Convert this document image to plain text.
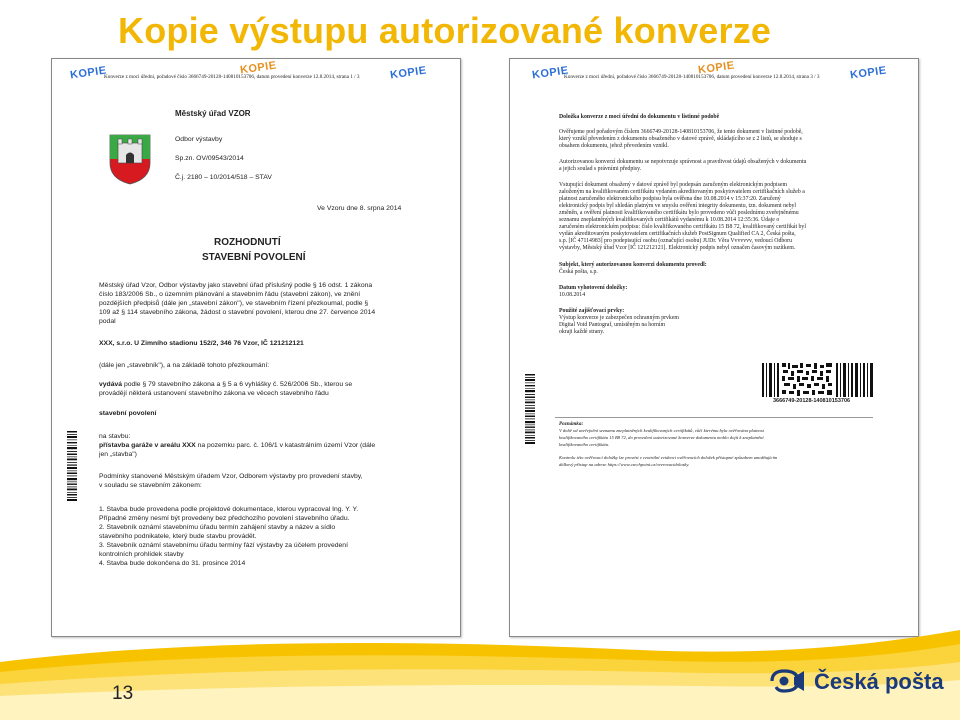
Kopie výstupu autorizované konverze
KOPIE	KOPIE	KOPIE
Konverze z moci úřední, pořadové číslo 3666749-20128-140810153706, datum provedení konverze 12.8.2014, strana 1 / 3
Městský úřad VZOR
Odbor výstavby
Sp.zn. OV/09543/2014
Č.j. 2180 – 10/2014/518 – STAV
Ve Vzoru dne 8. srpna 2014
ROZHODNUTÍ
STAVEBNÍ POVOLENÍ
Městský úřad Vzor, Odbor výstavby jako stavební úřad příslušný podle § 16 odst. 1 zákona
číslo 183/2006 Sb., o územním plánování a stavebním řádu (stavební zákon), ve znění
pozdějších předpisů (dále jen „stavební zákon"), ve stavebním řízení přezkoumal, podle §
109 až § 114 stavebního zákona, žádost o stavební povolení, kterou dne 27. července 2014
podal
XXX, s.r.o. U Zimního stadionu 152/2, 346 76 Vzor, IČ 121212121
(dále jen „stavebník"), a na základě tohoto přezkoumání:
vydává podle § 79 stavebního zákona a § 5 a 6 vyhlášky č. 526/2006 Sb., kterou se
provádějí některá ustanovení stavebního zákona ve věcech stavebního řádu
stavební povolení
na stavbu:
přístavba garáže v areálu XXX na pozemku parc. č. 106/1 v katastrálním území Vzor (dále
jen „stavba")
Podmínky stanovené Městským úřadem Vzor, Odborem výstavby pro provedení stavby,
v souladu se stavebním zákonem:
1. Stavba bude provedena podle projektové dokumentace, kterou vypracoval Ing. Y. Y.
Případné změny nesmí být provedeny bez předchozího povolení stavebního úřadu.
2. Stavebník oznámí stavebnímu úřadu termín zahájení stavby a název a sídlo
stavebního podnikatele, který bude stavbu provádět.
3. Stavebník oznámí stavebnímu úřadu termíny fází výstavby za účelem provedení
kontrolních prohlídek stavby
4. Stavba bude dokončena do 31. prosince 2014
KOPIE	KOPIE	KOPIE
Konverze z moci úřední, pořadové číslo 3666749-20128-140810153706, datum provedení konverze 12.8.2014, strana 3 / 3
Doložka konverze z moci úřední do dokumentu v listinné podobě
Ověřujeme pod pořadovým číslem 3666749-20128-140810153706, že tento dokument v listinné podobě,
který vznikl převedením z dokumentu obsaženého v datové zprávě, skládajícího se z 2 listů, se shoduje s
obsahem dokumentu, jehož převedením vznikl.
Autorizovanou konverzí dokumentu se nepotvrzuje správnost a pravdivost údajů obsažených v dokumentu
a jejich soulad s právními předpisy.
Vstupující dokument obsažený v datové zprávě byl podepsán zaručeným elektronickým podpisem
založeným na kvalifikovaném certifikátu vydaném akreditovaným poskytovatelem certifikačních služeb a
platnost zaručeného elektronického podpisu byla ověřena dne 10.08.2014 v 15:37:20. Zaručený
elektronický podpis byl shledán platným ve smyslu ověření integrity dokumentu, tzn. dokument nebyl
změněn, a ověření platnosti kvalifikovaného certifikátu bylo provedeno vůči poslednímu zveřejněnému
seznamu zneplatněných kvalifikovaných certifikátů vydanému k 10.08.2014 12:35:36. Údaje o
zaručeném elektronickém podpisu: číslo kvalifikovaného certifikátu 15 B8 72, kvalifikovaný certifikát byl
vydán akreditovaným poskytovatelem certifikačních služeb PostSignum Qualified CA 2, Česká pošta,
s.p. [IČ 47114983] pro podepisující osobu (označující osobu) JUDr. Věra Vvvvvvv, vedoucí Odboru
výstavby, Městský úřad Vzor [IČ 121212121]. Elektronický podpis nebyl označen časovým razítkem.
Subjekt, který autorizovanou konverzi dokumentu provedl:
Česká pošta, s.p.
Datum vyhotovení doložky:
10.08.2014
Použité zajišťovací prvky:
Výstup konverze je zabezpečen ochranným prvkem
Digital Void Pantograf, umístěným na horním
okraji každé strany.
3666749-20128-140810153706
Poznámka:
V době od uveřejnění seznamu zneplatněných kvalifikovaných certifikátů, vůči kterému byla ověřována platnost
kvalifikovaného certifikátu 15 B8 72, do provedení autorizované konverze dokumentu mohlo dojít k zneplatnění
kvalifikovaného certifikátu.
Kontrolu této ověřovací doložky lze provést v centrální evidenci ověřovacích doložek přístupné způsobem umožňujícím
dálkový přístup na adrese https://www.czechpoint.cz/overovacidolozky.
13	Česká pošta
